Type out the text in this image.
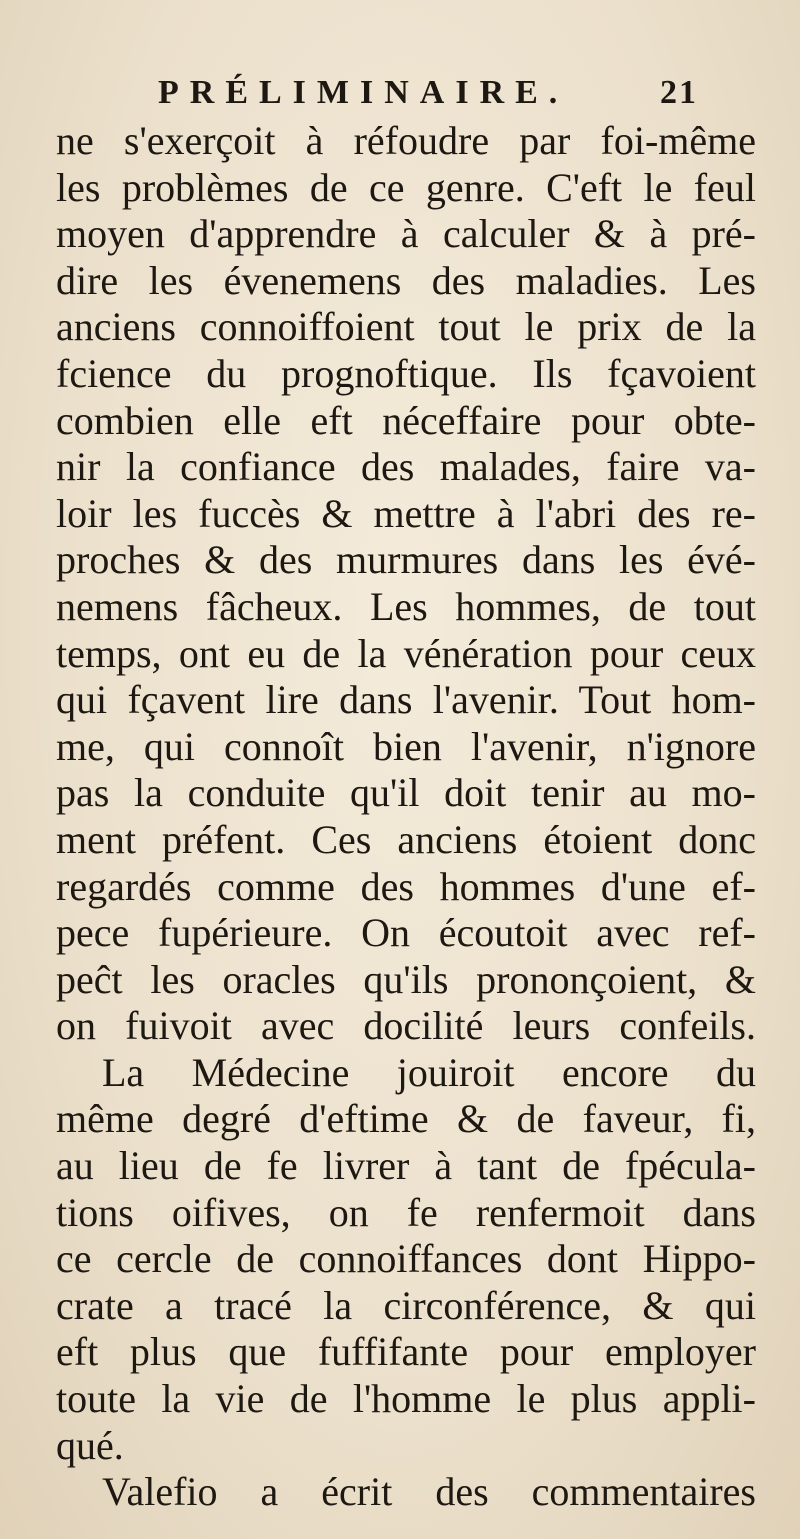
PRÉLIMINAIRE.	21
ne s'exerçoit à réfoudre par foi-même
les problèmes de ce genre. C'eft le feul
moyen d'apprendre à calculer & à pré-
dire les évenemens des maladies. Les
anciens connoiffoient tout le prix de la
fcience du prognoftique. Ils fçavoient
combien elle eft néceffaire pour obte-
nir la confiance des malades, faire va-
loir les fuccès & mettre à l'abri des re-
proches & des murmures dans les évé-
nemens fâcheux. Les hommes, de tout
temps, ont eu de la vénération pour ceux
qui fçavent lire dans l'avenir. Tout hom-
me, qui connoît bien l'avenir, n'ignore
pas la conduite qu'il doit tenir au mo-
ment préfent. Ces anciens étoient donc
regardés comme des hommes d'une ef-
pece fupérieure. On écoutoit avec ref-
peĉt les oracles qu'ils prononçoient, &
on fuivoit avec docilité leurs confeils.
La Médecine jouiroit encore du
même degré d'eftime & de faveur, fi,
au lieu de fe livrer à tant de fpécula-
tions oifives, on fe renfermoit dans
ce cercle de connoiffances dont Hippo-
crate a tracé la circonférence, & qui
eft plus que fuffifante pour employer
toute la vie de l'homme le plus appli-
qué.
Valefio a écrit des commentaires
